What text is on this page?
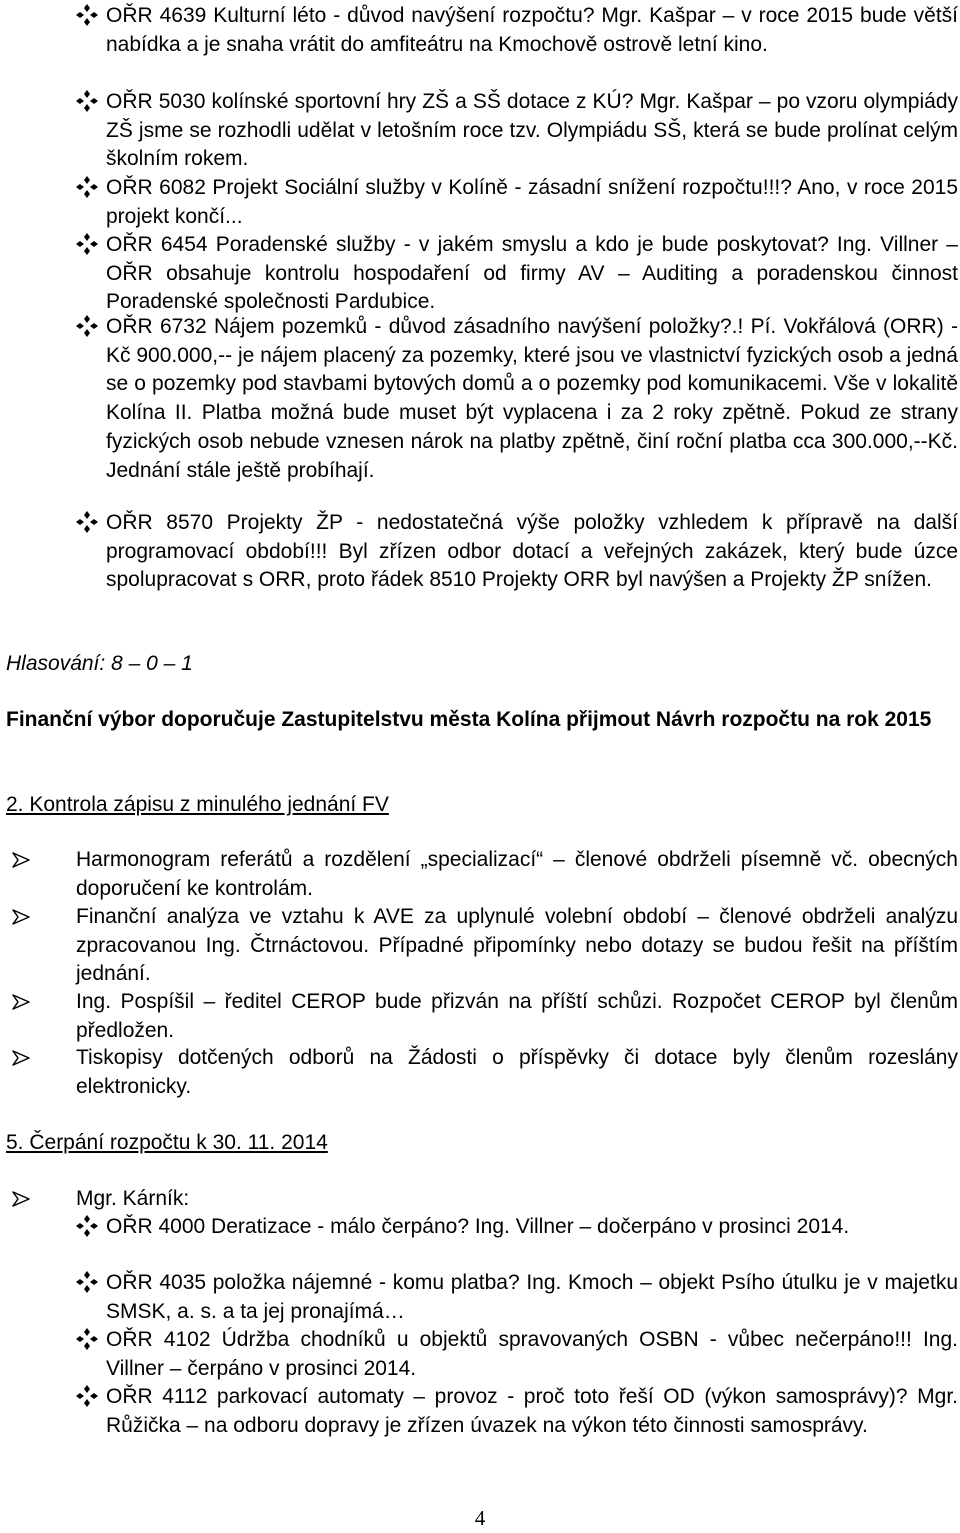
OŘR 4639 Kulturní léto - důvod navýšení rozpočtu? Mgr. Kašpar – v roce 2015 bude větší nabídka a je snaha vrátit do amfiteátru na Kmochově ostrově letní kino.
OŘR 5030 kolínské sportovní hry ZŠ a SŠ dotace z KÚ? Mgr. Kašpar – po vzoru olympiády ZŠ jsme se rozhodli udělat v letošním roce tzv. Olympiádu SŠ, která se bude prolínat celým školním rokem.
OŘR 6082 Projekt Sociální služby v Kolíně - zásadní snížení rozpočtu!!!? Ano, v roce 2015 projekt končí...
OŘR 6454 Poradenské služby - v jakém smyslu a kdo je bude poskytovat? Ing. Villner – OŘR obsahuje kontrolu hospodaření od firmy AV – Auditing a poradenskou činnost Poradenské společnosti Pardubice.
OŘR 6732 Nájem pozemků - důvod zásadního navýšení položky?.! Pí. Vokřálová (ORR) - Kč 900.000,-- je nájem placený za pozemky, které jsou ve vlastnictví fyzických osob a jedná se o pozemky pod stavbami bytových domů a o pozemky pod komunikacemi. Vše v lokalitě Kolína II. Platba možná bude muset být vyplacena i za 2 roky zpětně. Pokud ze strany fyzických osob nebude vznesen nárok na platby zpětně, činí roční platba cca 300.000,--Kč. Jednání stále ještě probíhají.
OŘR 8570 Projekty ŽP - nedostatečná výše položky vzhledem k přípravě na další programovací období!!! Byl zřízen odbor dotací a veřejných zakázek, který bude úzce spolupracovat s ORR, proto řádek 8510 Projekty ORR byl navýšen a Projekty ŽP snížen.
Hlasování: 8 – 0 – 1
Finanční výbor doporučuje Zastupitelstvu města Kolína přijmout Návrh rozpočtu na rok 2015
2. Kontrola zápisu z minulého jednání FV
Harmonogram referátů a rozdělení „specializací“ – členové obdrželi písemně vč. obecných doporučení ke kontrolám.
Finanční analýza ve vztahu k AVE za uplynulé volební období – členové obdrželi analýzu zpracovanou Ing. Čtrnáctovou. Případné připomínky nebo dotazy se budou řešit na příštím jednání.
Ing. Pospíšil – ředitel CEROP bude přizván na příští schůzi. Rozpočet CEROP byl členům předložen.
Tiskopisy dotčených odborů na Žádosti o příspěvky či dotace byly členům rozeslány elektronicky.
5. Čerpání rozpočtu k 30. 11. 2014
Mgr. Kárník:
OŘR 4000 Deratizace - málo čerpáno? Ing. Villner – dočerpáno v prosinci 2014.
OŘR 4035 položka nájemné - komu platba? Ing. Kmoch – objekt Psího útulku je v majetku SMSK, a. s. a ta jej pronajímá…
OŘR 4102 Údržba chodníků u objektů spravovaných OSBN - vůbec nečerpáno!!! Ing. Villner – čerpáno v prosinci 2014.
OŘR 4112 parkovací automaty – provoz - proč toto řeší OD (výkon samosprávy)? Mgr. Růžička – na odboru dopravy je zřízen úvazek na výkon této činnosti samosprávy.
4
